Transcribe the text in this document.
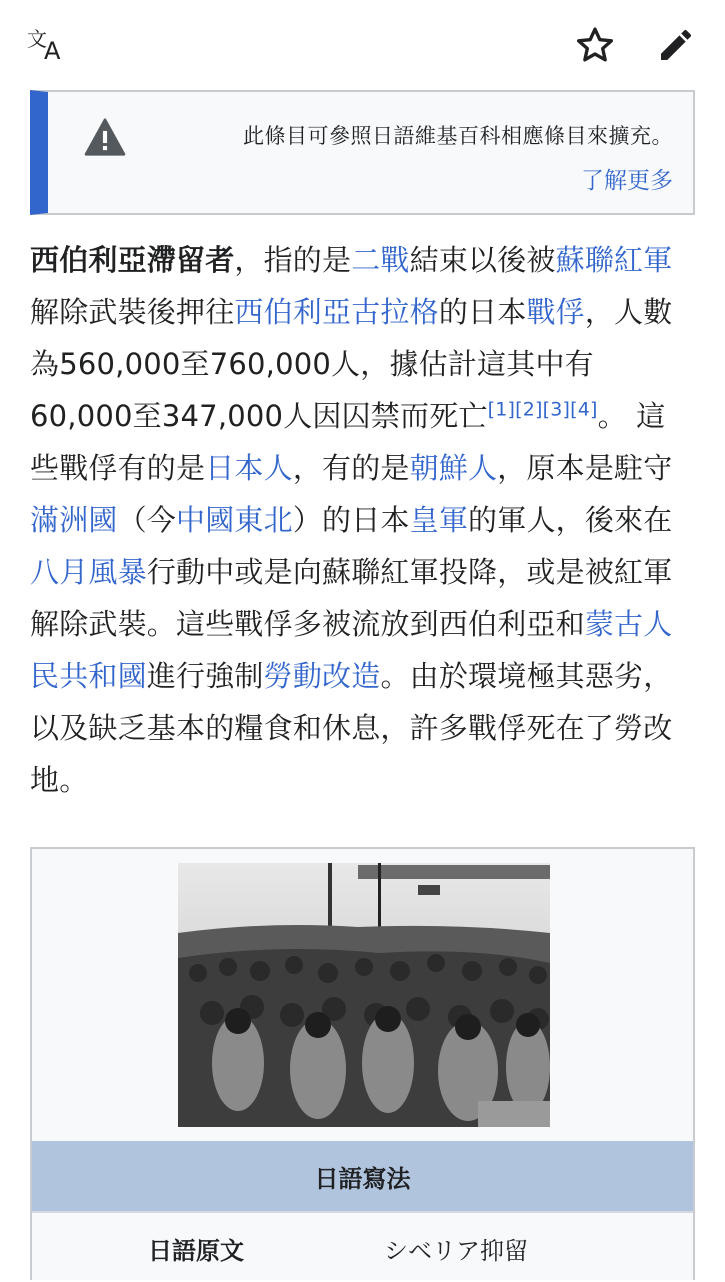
文
A
此條目可參照日語維基百科相應條目來擴充。
了解更多
西伯利亞滯留者，指的是二戰結束以後被蘇聯紅軍解除武裝後押往西伯利亞古拉格的日本戰俘，人數為560,000至760,000人，據估計這其中有60,000至347,000人因囚禁而死亡[1][2][3][4]。 這些戰俘有的是日本人，有的是朝鮮人，原本是駐守滿洲國（今中國東北）的日本皇軍的軍人，後來在八月風暴行動中或是向蘇聯紅軍投降，或是被紅軍解除武裝。這些戰俘多被流放到西伯利亞和蒙古人民共和國進行強制勞動改造。由於環境極其惡劣，以及缺乏基本的糧食和休息，許多戰俘死在了勞改地。
日語寫法
日語原文	シベリア抑留
